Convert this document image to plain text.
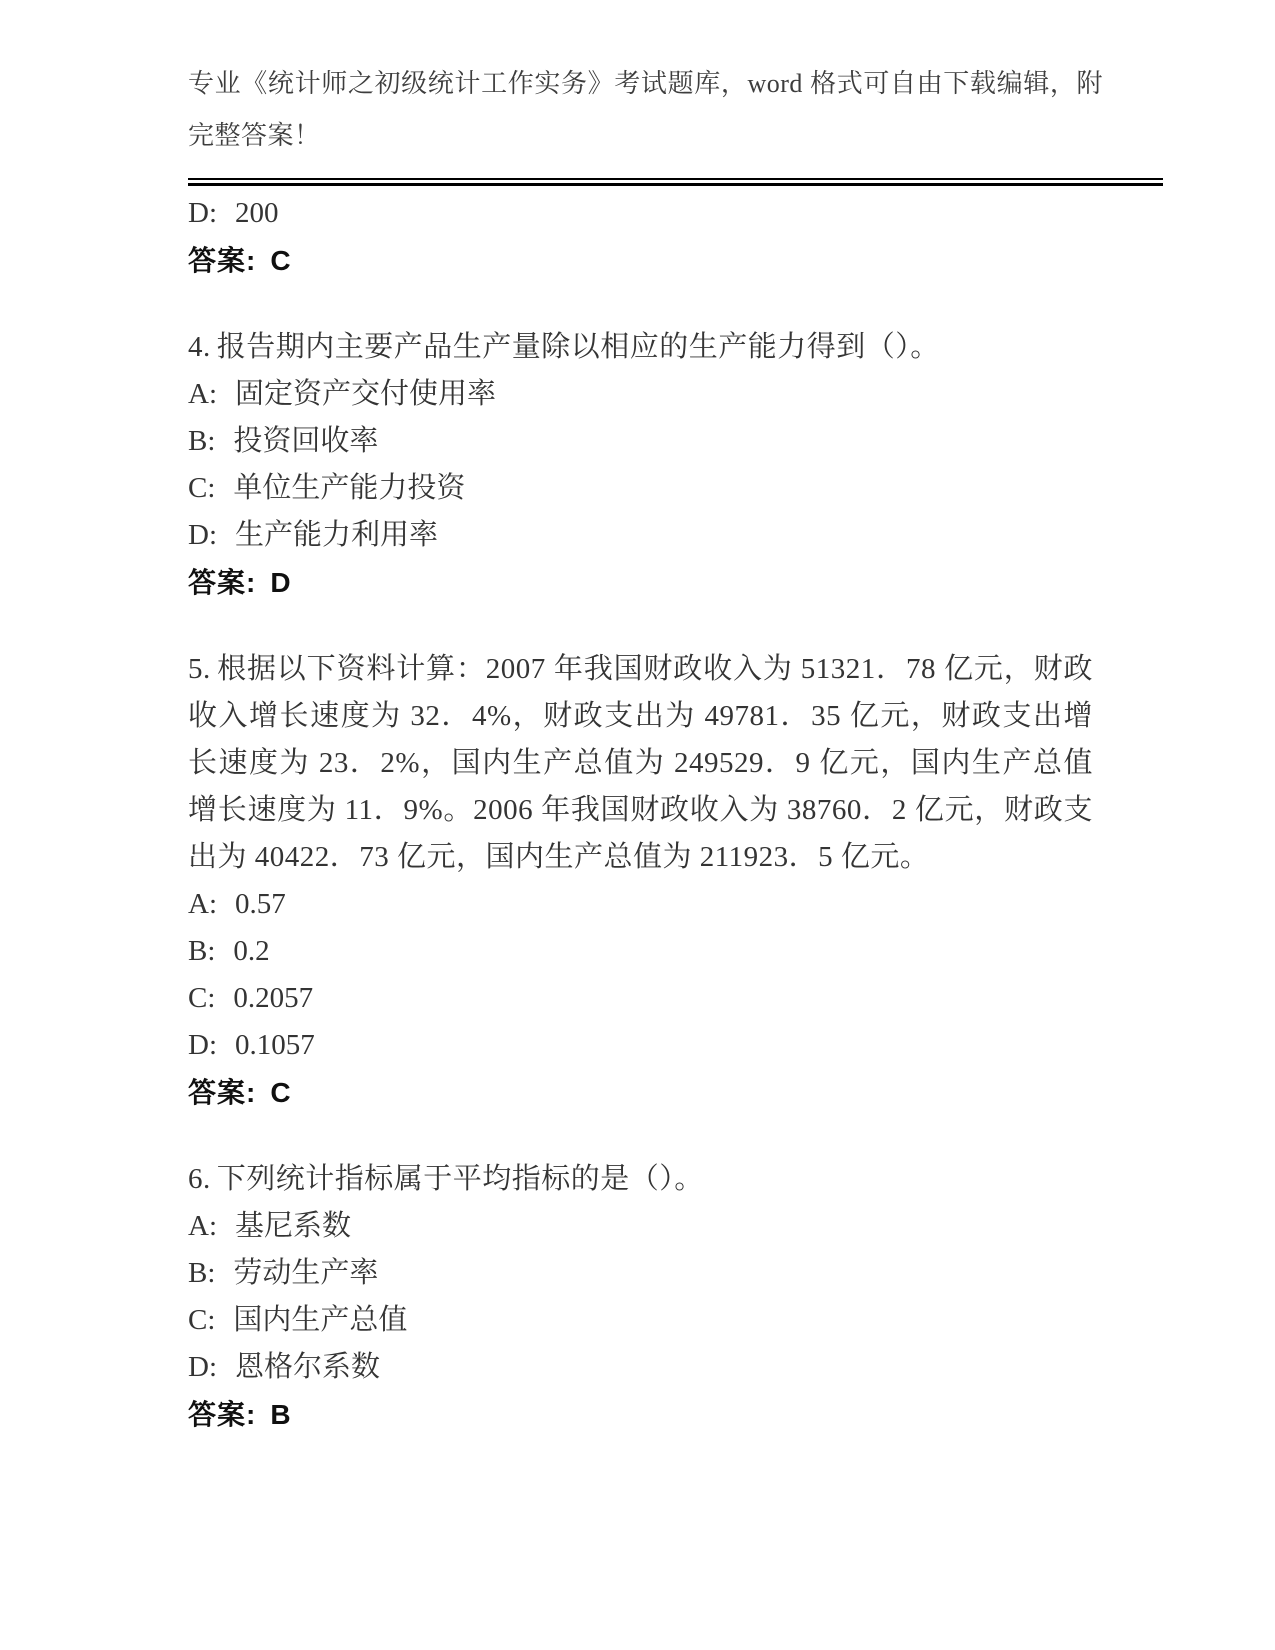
专业《统计师之初级统计工作实务》考试题库，word 格式可自由下载编辑，附完整答案！
D: 200
答案: C

4. 报告期内主要产品生产量除以相应的生产能力得到（）。

A: 固定资产交付使用率
B: 投资回收率
C: 单位生产能力投资
D: 生产能力利用率
答案: D

5. 根据以下资料计算：2007 年我国财政收入为 51321．78 亿元，财政收入增长速度为 32．4%，财政支出为 49781．35 亿元，财政支出增长速度为 23．2%，国内生产总值为 249529．9 亿元，国内生产总值增长速度为 11．9%。2006 年我国财政收入为 38760．2 亿元，财政支出为 40422．73 亿元，国内生产总值为 211923．5 亿元。

A: 0.57
B: 0.2
C: 0.2057
D: 0.1057
答案: C

6. 下列统计指标属于平均指标的是（）。

A: 基尼系数
B: 劳动生产率
C: 国内生产总值
D: 恩格尔系数
答案: B
